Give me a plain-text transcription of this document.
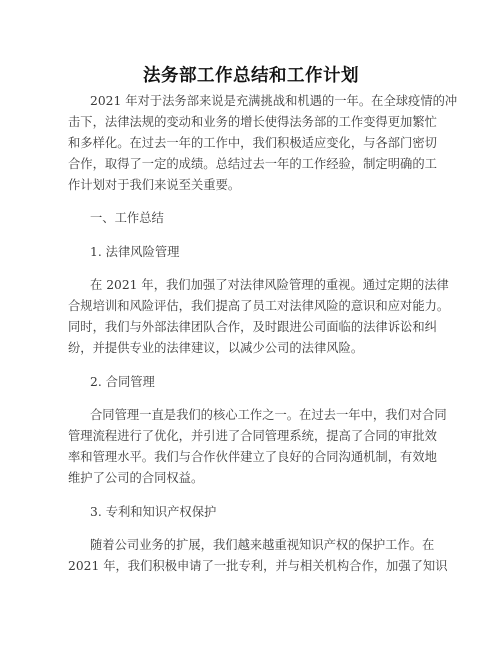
法务部工作总结和工作计划
2021 年对于法务部来说是充满挑战和机遇的一年。在全球疫情的冲
击下，法律法规的变动和业务的增长使得法务部的工作变得更加繁忙
和多样化。在过去一年的工作中，我们积极适应变化，与各部门密切
合作，取得了一定的成绩。总结过去一年的工作经验，制定明确的工
作计划对于我们来说至关重要。
一、工作总结
1. 法律风险管理
在 2021 年，我们加强了对法律风险管理的重视。通过定期的法律
合规培训和风险评估，我们提高了员工对法律风险的意识和应对能力。
同时，我们与外部法律团队合作，及时跟进公司面临的法律诉讼和纠
纷，并提供专业的法律建议，以减少公司的法律风险。
2. 合同管理
合同管理一直是我们的核心工作之一。在过去一年中，我们对合同
管理流程进行了优化，并引进了合同管理系统，提高了合同的审批效
率和管理水平。我们与合作伙伴建立了良好的合同沟通机制，有效地
维护了公司的合同权益。
3. 专利和知识产权保护
随着公司业务的扩展，我们越来越重视知识产权的保护工作。在
2021 年，我们积极申请了一批专利，并与相关机构合作，加强了知识
